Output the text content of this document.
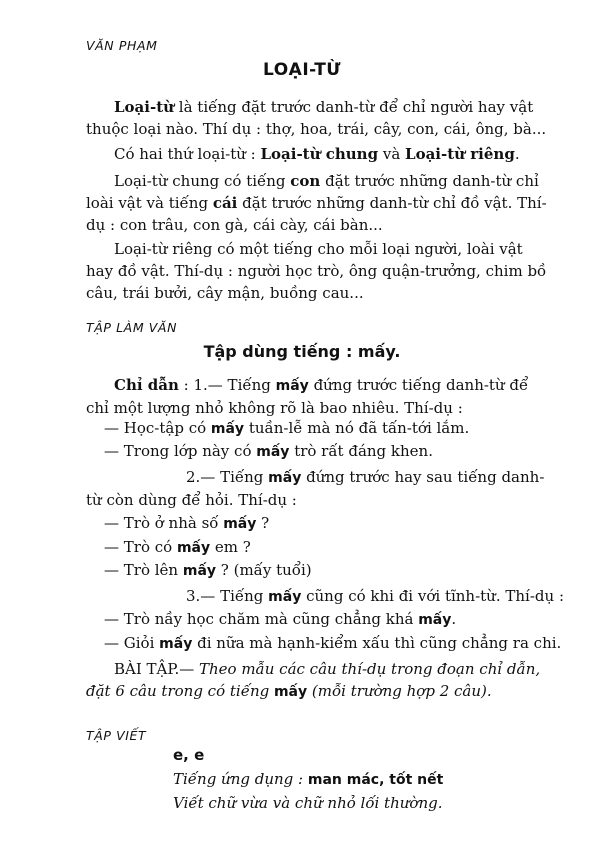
VĂN PHẠM
LOẠI-TỪ

Loại-từ là tiếng đặt trước danh-từ để chỉ người hay vật thuộc loại nào. Thí dụ : thợ, hoa, trái, cây, con, cái, ông, bà...

Có hai thứ loại-từ : Loại-từ chung và Loại-từ riêng.

Loại-từ chung có tiếng con đặt trước những danh-từ chỉ loài vật và tiếng cái đặt trước những danh-từ chỉ đồ vật. Thí-dụ : con trâu, con gà, cái cày, cái bàn...

Loại-từ riêng có một tiếng cho mỗi loại người, loài vật hay đồ vật. Thí-dụ : người học trò, ông quận-trưởng, chim bồ câu, trái bưởi, cây mận, buồng cau...

TẬP LÀM VĂN
Tập dùng tiếng : mấy.

Chỉ dẫn : 1.— Tiếng mấy đứng trước tiếng danh-từ để chỉ một lượng nhỏ không rõ là bao nhiêu. Thí-dụ :

— Học-tập có mấy tuần-lễ mà nó đã tấn-tới lắm.

— Trong lớp này có mấy trò rất đáng khen.

2.— Tiếng mấy đứng trước hay sau tiếng danh-từ còn dùng để hỏi. Thí-dụ :

— Trò ở nhà số mấy ?

— Trò có mấy em ?

— Trò lên mấy ? (mấy tuổi)

3.— Tiếng mấy cũng có khi đi với tĩnh-từ. Thí-dụ :

— Trò nầy học chăm mà cũng chẳng khá mấy.

— Giỏi mấy đi nữa mà hạnh-kiểm xấu thì cũng chẳng ra chi.

BÀI TẬP.— Theo mẫu các câu thí-dụ trong đoạn chỉ dẫn, đặt 6 câu trong có tiếng mấy (mỗi trường hợp 2 câu).

TẬP VIẾT

e, e

Tiếng ứng dụng : man mác, tốt nết

Viết chữ vừa và chữ nhỏ lối thường.
